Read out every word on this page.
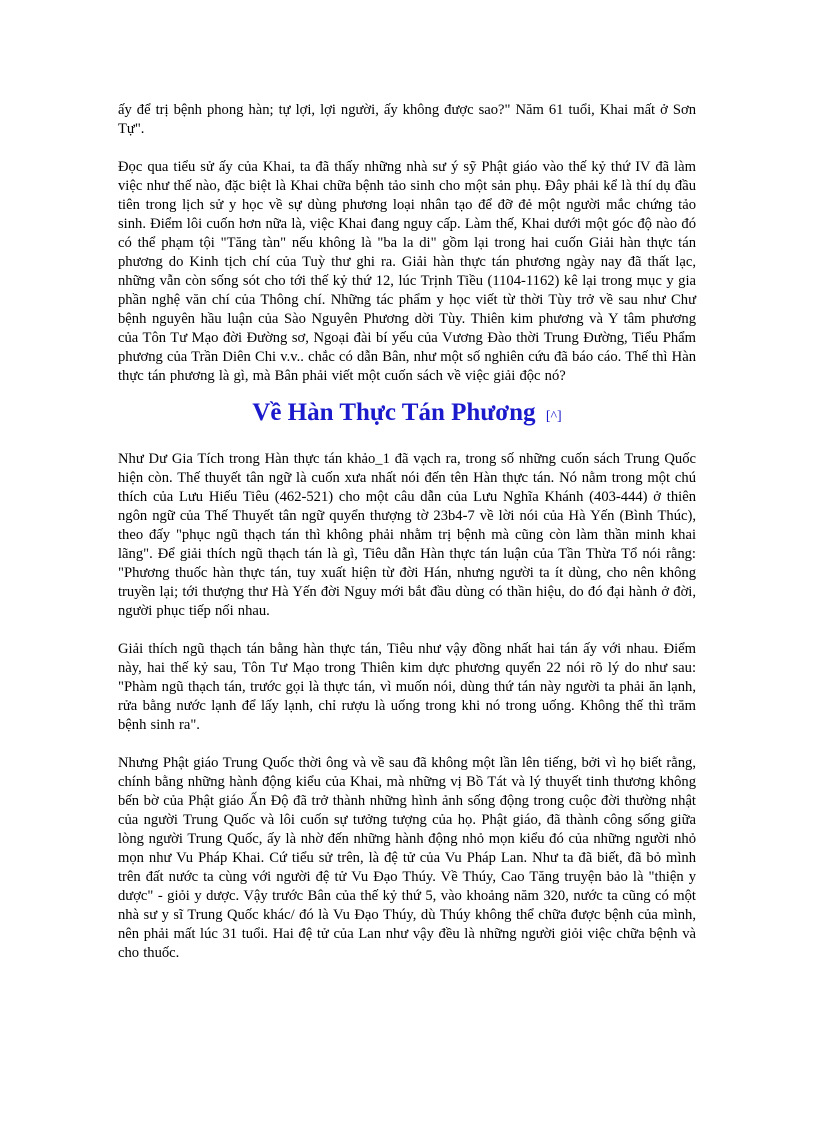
ấy để trị bệnh phong hàn; tự lợi, lợi người, ấy không được sao?" Năm 61 tuổi, Khai mất ở Sơn Tự".

Đọc qua tiểu sử ấy của Khai, ta đã thấy những nhà sư ý sỹ Phật giáo vào thế kỷ thứ IV đã làm việc như thế nào, đặc biệt là Khai chữa bệnh tảo sinh cho một sản phụ. Đây phải kể là thí dụ đầu tiên trong lịch sử y học về sự dùng phương loại nhân tạo để đỡ đẻ một người mắc chứng tảo sinh. Điểm lôi cuốn hơn nữa là, việc Khai đang nguy cấp. Làm thế, Khai dưới một góc độ nào đó có thể phạm tội "Tăng tàn" nếu không là "ba la di" gồm lại trong hai cuốn Giải hàn thực tán phương do Kinh tịch chí của Tuỳ thư ghi ra. Giải hàn thực tán phương ngày nay đã thất lạc, những vẫn còn sống sót cho tới thế kỷ thứ 12, lúc Trịnh Tiều (1104-1162) kê lại trong mục y gia phần nghệ văn chí của Thông chí. Những tác phẩm y học viết từ thời Tùy trở về sau như Chư bệnh nguyên hầu luận của Sào Nguyên Phương dời Tùy. Thiên kim phương và Y tâm phương của Tôn Tư Mạo đời Đường sơ, Ngoại đài bí yếu của Vương Đào thời Trung Đường, Tiểu Phẩm phương của Trần Diên Chi v.v.. chắc có dẫn Bân, như một số nghiên cứu đã báo cáo. Thế thì Hàn thực tán phương là gì, mà Bân phải viết một cuốn sách về việc giải độc nó?

Về Hàn Thực Tán Phương [^]

Như Dư Gia Tích trong Hàn thực tán khảo_1 đã vạch ra, trong số những cuốn sách Trung Quốc hiện còn. Thế thuyết tân ngữ là cuốn xưa nhất nói đến tên Hàn thực tán. Nó nằm trong một chú thích của Lưu Hiếu Tiêu (462-521) cho một câu dẫn của Lưu Nghĩa Khánh (403-444) ở thiên ngôn ngữ của Thế Thuyết tân ngữ quyển thượng tờ 23b4-7 về lời nói của Hà Yến (Bình Thúc), theo đấy "phục ngũ thạch tán thì không phải nhằm trị bệnh mà cũng còn làm thần minh khai lãng". Để giải thích ngũ thạch tán là gì, Tiêu dẫn Hàn thực tán luận của Tần Thừa Tổ nói rằng: "Phương thuốc hàn thực tán, tuy xuất hiện từ đời Hán, nhưng người ta ít dùng, cho nên không truyền lại; tới thượng thư Hà Yến đời Nguy mới bắt đầu dùng có thần hiệu, do đó đại hành ở đời, người phục tiếp nối nhau.

Giải thích ngũ thạch tán bằng hàn thực tán, Tiêu như vậy đồng nhất hai tán ấy với nhau. Điểm này, hai thế kỷ sau, Tôn Tư Mạo trong Thiên kim dực phương quyển 22 nói rõ lý do như sau: "Phàm ngũ thạch tán, trước gọi là thực tán, vì muốn nói, dùng thứ tán này người ta phải ăn lạnh, rửa bằng nước lạnh để lấy lạnh, chỉ rượu là uống trong khi nó trong uống. Không thế thì trăm bệnh sinh ra".

Nhưng Phật giáo Trung Quốc thời ông và về sau đã không một lần lên tiếng, bởi vì họ biết rằng, chính bằng những hành động kiểu của Khai, mà những vị Bồ Tát và lý thuyết tinh thương không bến bờ của Phật giáo Ấn Độ đã trở thành những hình ảnh sống động trong cuộc đời thường nhật của người Trung Quốc và lôi cuốn sự tưởng tượng của họ. Phật giáo, đã thành công sống giữa lòng người Trung Quốc, ấy là nhờ đến những hành động nhỏ mọn kiểu đó của những người nhỏ mọn như Vu Pháp Khai. Cứ tiểu sử trên, là đệ tử của Vu Pháp Lan. Như ta đã biết, đã bỏ mình trên đất nước ta cùng với người đệ tử Vu Đạo Thúy. Về Thúy, Cao Tăng truyện bảo là "thiện y dược" - giỏi y dược. Vậy trước Bân của thế kỷ thứ 5, vào khoảng năm 320, nước ta cũng có một nhà sư y sĩ Trung Quốc khác/ đó là Vu Đạo Thúy, dù Thúy không thể chữa được bệnh của mình, nên phải mất lúc 31 tuổi. Hai đệ tử của Lan như vậy đều là những người giỏi việc chữa bệnh và cho thuốc.
